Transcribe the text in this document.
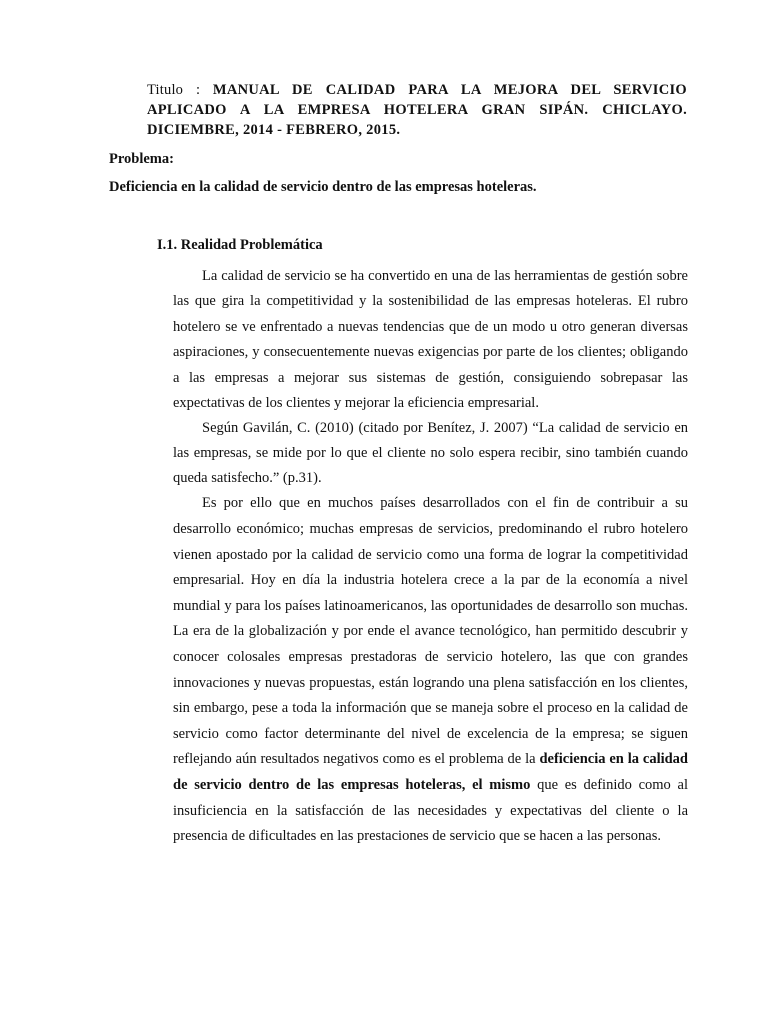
Titulo : MANUAL DE CALIDAD PARA LA MEJORA DEL SERVICIO APLICADO A LA EMPRESA HOTELERA GRAN SIPÁN. CHICLAYO. DICIEMBRE, 2014 - FEBRERO, 2015.
Problema:
Deficiencia en la calidad de servicio dentro de las empresas hoteleras.
I.1. Realidad Problemática

La calidad de servicio se ha convertido en una de las herramientas de gestión sobre las que gira la competitividad y la sostenibilidad de las empresas hoteleras. El rubro hotelero se ve enfrentado a nuevas tendencias que de un modo u otro generan diversas aspiraciones, y consecuentemente nuevas exigencias por parte de los clientes; obligando a las empresas a mejorar sus sistemas de gestión, consiguiendo sobrepasar las expectativas de los clientes y mejorar la eficiencia empresarial.

Según Gavilán, C. (2010) (citado por Benítez, J. 2007) “La calidad de servicio en las empresas, se mide por lo que el cliente no solo espera recibir, sino también cuando queda satisfecho.” (p.31).

Es por ello que en muchos países desarrollados con el fin de contribuir a su desarrollo económico; muchas empresas de servicios, predominando el rubro hotelero vienen apostado por la calidad de servicio como una forma de lograr la competitividad empresarial. Hoy en día la industria hotelera crece a la par de la economía a nivel mundial y para los países latinoamericanos, las oportunidades de desarrollo son muchas. La era de la globalización y por ende el avance tecnológico, han permitido descubrir y conocer colosales empresas prestadoras de servicio hotelero, las que con grandes innovaciones y nuevas propuestas, están logrando una plena satisfacción en los clientes, sin embargo, pese a toda la información que se maneja sobre el proceso en la calidad de servicio como factor determinante del nivel de excelencia de la empresa; se siguen reflejando aún resultados negativos como es el problema de la deficiencia en la calidad de servicio dentro de las empresas hoteleras, el mismo que es definido como al insuficiencia en la satisfacción de las necesidades y expectativas del cliente o la presencia de dificultades en las prestaciones de servicio que se hacen a las personas.
